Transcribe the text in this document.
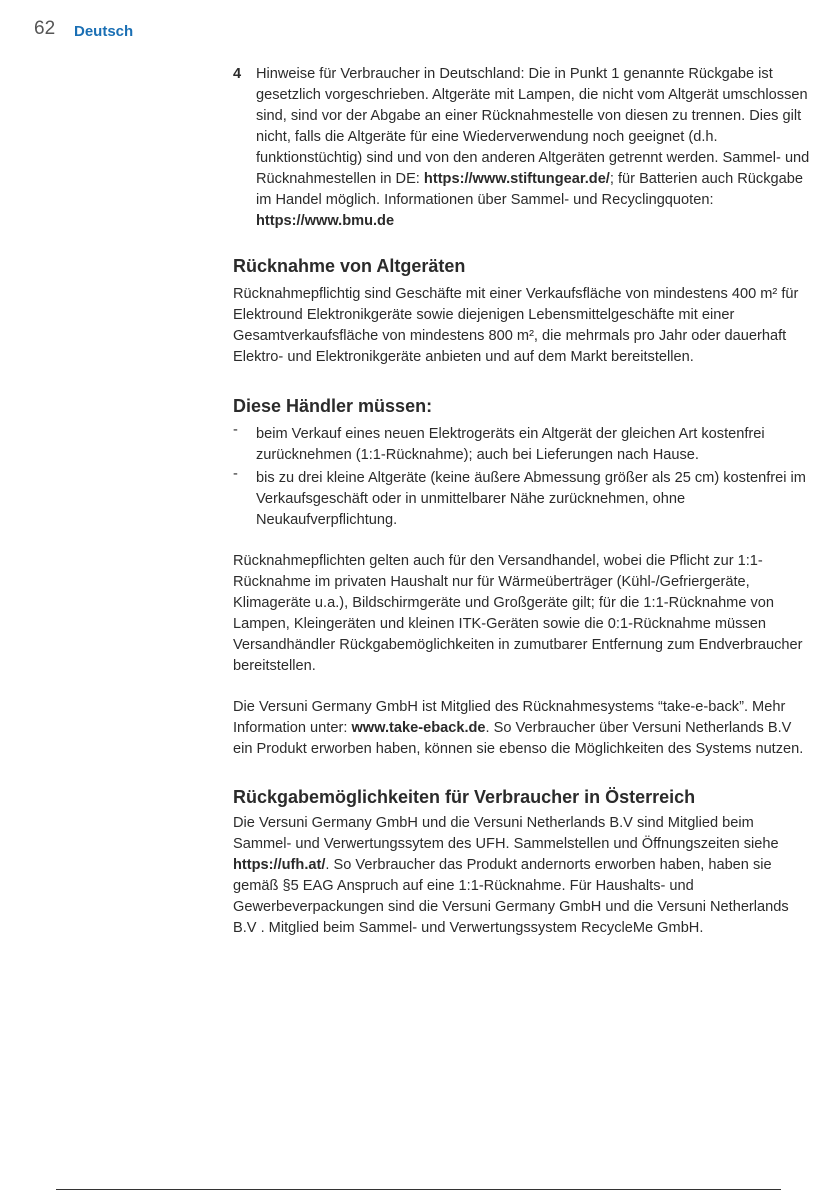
62 Deutsch
4 Hinweise für Verbraucher in Deutschland: Die in Punkt 1 genannte Rückgabe ist gesetzlich vorgeschrieben. Altgeräte mit Lampen, die nicht vom Altgerät umschlossen sind, sind vor der Abgabe an einer Rücknahmestelle von diesen zu trennen. Dies gilt nicht, falls die Altgeräte für eine Wiederverwendung noch geeignet (d.h. funktionstüchtig) sind und von den anderen Altgeräten getrennt werden. Sammel- und Rücknahmestellen in DE: https://www.stiftungear.de/; für Batterien auch Rückgabe im Handel möglich. Informationen über Sammel- und Recyclingquoten: https://www.bmu.de

Rücknahme von Altgeräten

Rücknahmepflichtig sind Geschäfte mit einer Verkaufsfläche von mindestens 400 m² für Elektround Elektronikgeräte sowie diejenigen Lebensmittelgeschäfte mit einer Gesamtverkaufsfläche von mindestens 800 m², die mehrmals pro Jahr oder dauerhaft Elektro- und Elektronikgeräte anbieten und auf dem Markt bereitstellen.

Diese Händler müssen:
- beim Verkauf eines neuen Elektrogeräts ein Altgerät der gleichen Art kostenfrei zurücknehmen (1:1-Rücknahme); auch bei Lieferungen nach Hause.
- bis zu drei kleine Altgeräte (keine äußere Abmessung größer als 25 cm) kostenfrei im Verkaufsgeschäft oder in unmittelbarer Nähe zurücknehmen, ohne Neukaufverpflichtung.

Rücknahmepflichten gelten auch für den Versandhandel, wobei die Pflicht zur 1:1-Rücknahme im privaten Haushalt nur für Wärmeüberträger (Kühl-/Gefriergeräte, Klimageräte u.a.), Bildschirmgeräte und Großgeräte gilt; für die 1:1-Rücknahme von Lampen, Kleingeräten und kleinen ITK-Geräten sowie die 0:1-Rücknahme müssen Versandhändler Rückgabemöglichkeiten in zumutbarer Entfernung zum Endverbraucher bereitstellen.

Die Versuni Germany GmbH ist Mitglied des Rücknahmesystems “take-e-back”. Mehr Information unter: www.take-eback.de. So Verbraucher über Versuni Netherlands B.V ein Produkt erworben haben, können sie ebenso die Möglichkeiten des Systems nutzen.

Rückgabemöglichkeiten für Verbraucher in Österreich

Die Versuni Germany GmbH und die Versuni Netherlands B.V sind Mitglied beim Sammel- und Verwertungssytem des UFH. Sammelstellen und Öffnungszeiten siehe https://ufh.at/. So Verbraucher das Produkt andernorts erworben haben, haben sie gemäß §5 EAG Anspruch auf eine 1:1-Rücknahme. Für Haushalts- und Gewerbeverpackungen sind die Versuni Germany GmbH und die Versuni Netherlands B.V . Mitglied beim Sammel- und Verwertungssystem RecycleMe GmbH.
